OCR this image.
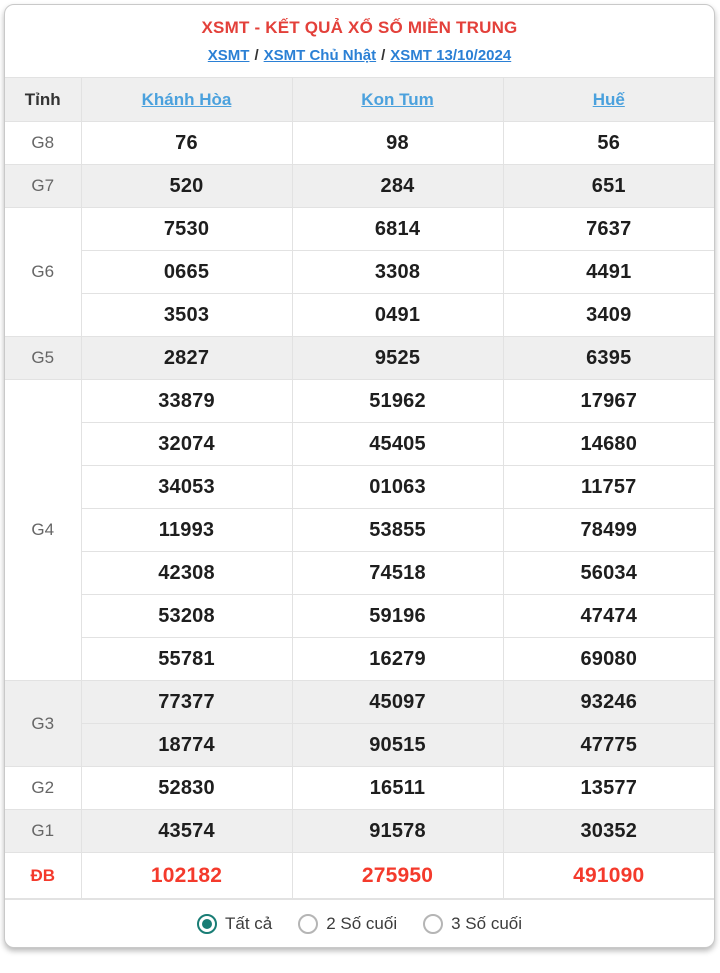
XSMT - KẾT QUẢ XỔ SỐ MIỀN TRUNG
XSMT / XSMT Chủ Nhật / XSMT 13/10/2024
Tỉnh	Khánh Hòa	Kon Tum	Huế
G8	76	98	56
G7	520	284	651
G6	7530	6814	7637
	0665	3308	4491
	3503	0491	3409
G5	2827	9525	6395
G4	33879	51962	17967
	32074	45405	14680
	34053	01063	11757
	11993	53855	78499
	42308	74518	56034
	53208	59196	47474
	55781	16279	69080
G3	77377	45097	93246
	18774	90515	47775
G2	52830	16511	13577
G1	43574	91578	30352
ĐB	102182	275950	491090
Tất cả	2 Số cuối	3 Số cuối
